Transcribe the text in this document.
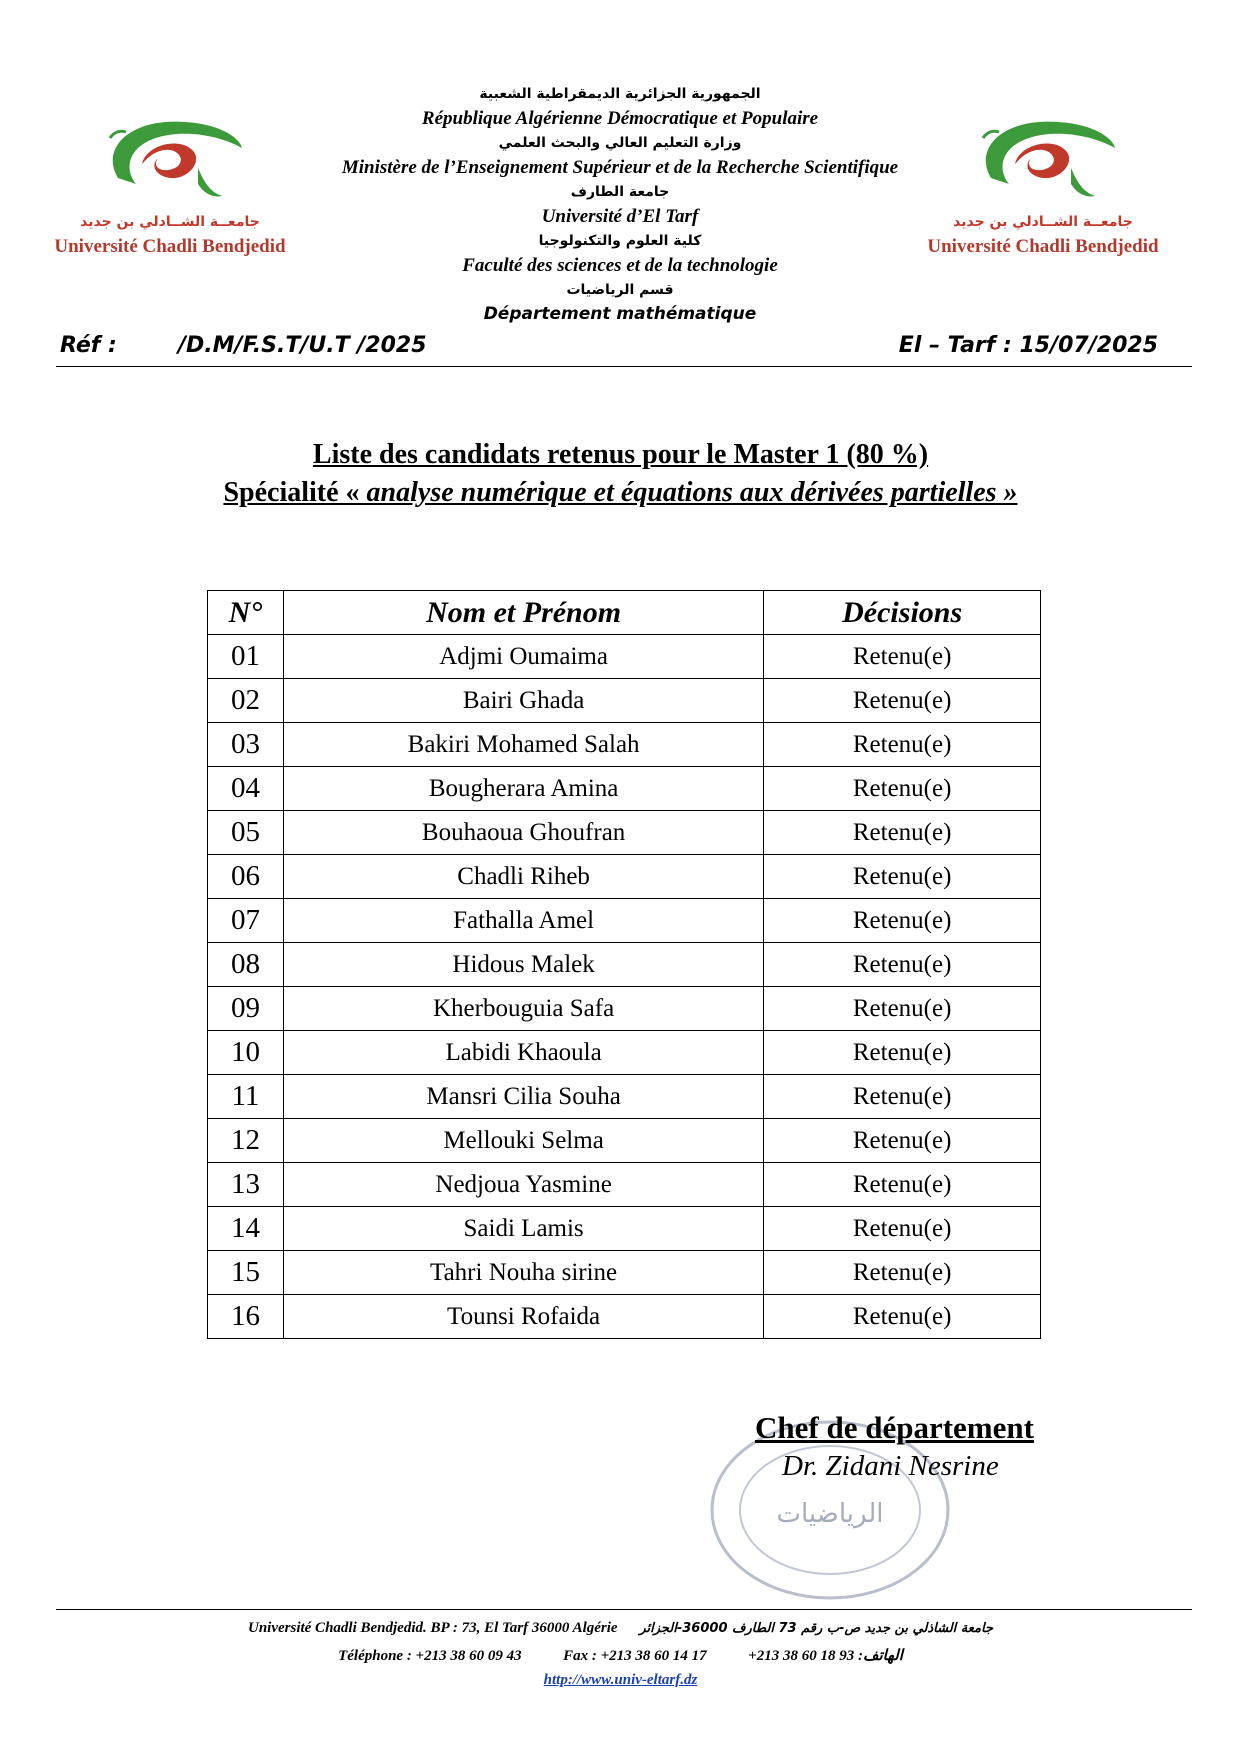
جامعــة الشــادلي بن جديد
Université Chadli Bendjedid
جامعــة الشــادلي بن جديد
Université Chadli Bendjedid
الجمهورية الجزائرية الديمقراطية الشعبية
République Algérienne Démocratique et Populaire
وزارة التعليم العالي والبحث العلمي
Ministère de l’Enseignement Supérieur et de la Recherche Scientifique
جامعة الطارف
Université d’El Tarf
كلية العلوم والتكنولوجيا
Faculté des sciences et de la technologie
قسم الرياضيات
Département mathématique
Réf :	/D.M/F.S.T/U.T /2025	El – Tarf : 15/07/2025
Liste des candidats retenus pour le Master 1 (80 %)
Spécialité « analyse numérique et équations aux dérivées partielles »
N°	Nom et Prénom	Décisions
01	Adjmi Oumaima	Retenu(e)
02	Bairi Ghada	Retenu(e)
03	Bakiri Mohamed Salah	Retenu(e)
04	Bougherara Amina	Retenu(e)
05	Bouhaoua Ghoufran	Retenu(e)
06	Chadli Riheb	Retenu(e)
07	Fathalla Amel	Retenu(e)
08	Hidous Malek	Retenu(e)
09	Kherbouguia Safa	Retenu(e)
10	Labidi Khaoula	Retenu(e)
11	Mansri Cilia Souha	Retenu(e)
12	Mellouki Selma	Retenu(e)
13	Nedjoua Yasmine	Retenu(e)
14	Saidi Lamis	Retenu(e)
15	Tahri Nouha sirine	Retenu(e)
16	Tounsi Rofaida	Retenu(e)
الرياضيات
Chef de département
Dr. Zidani Nesrine
Université Chadli Bendjedid. BP : 73, El Tarf 36000 Algérie جامعة الشاذلي بن جديد ص-ب رقم 73 الطارف 36000-الجزائر
Téléphone : +213 38 60 09 43	Fax : +213 38 60 14 17	+213 38 60 18 93 :الهاتف
http://www.univ-eltarf.dz
